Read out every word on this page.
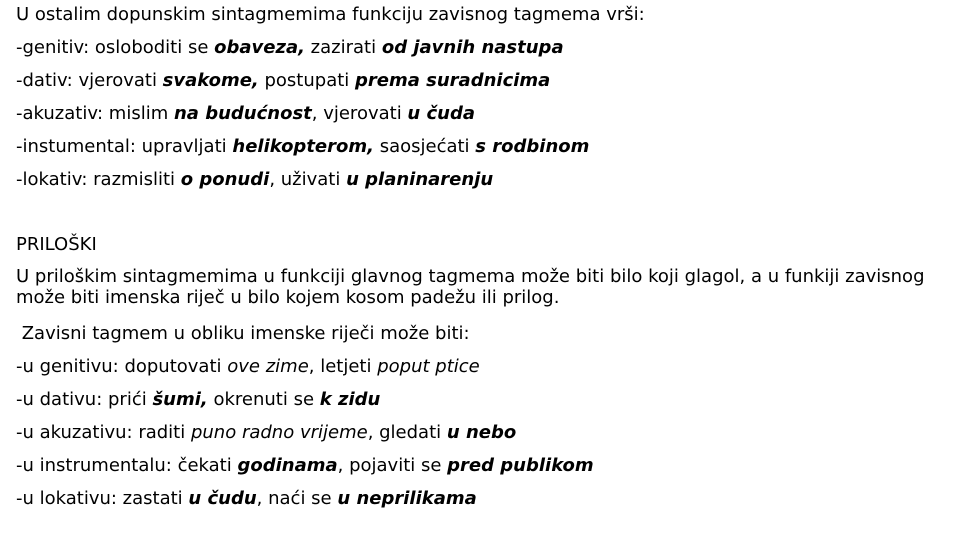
U ostalim dopunskim sintagmemima funkciju zavisnog tagmema vrši:
-genitiv: osloboditi se obaveza, zazirati od javnih nastupa
-dativ: vjerovati svakome, postupati prema suradnicima
-akuzativ: mislim na budućnost, vjerovati u čuda
-instumental: upravljati helikopterom, saosjećati s rodbinom
-lokativ: razmisliti o ponudi, uživati u planinarenju
PRILOŠKI
U priloškim sintagmemima u funkciji glavnog tagmema može biti bilo koji glagol, a u funkiji zavisnog može biti imenska riječ u bilo kojem kosom padežu ili prilog.
Zavisni tagmem u obliku imenske riječi može biti:
-u genitivu: doputovati ove zime, letjeti poput ptice
-u dativu: prići šumi, okrenuti se k zidu
-u akuzativu: raditi puno radno vrijeme, gledati u nebo
-u instrumentalu: čekati godinama, pojaviti se pred publikom
-u lokativu: zastati u čudu, naći se u neprilikama
